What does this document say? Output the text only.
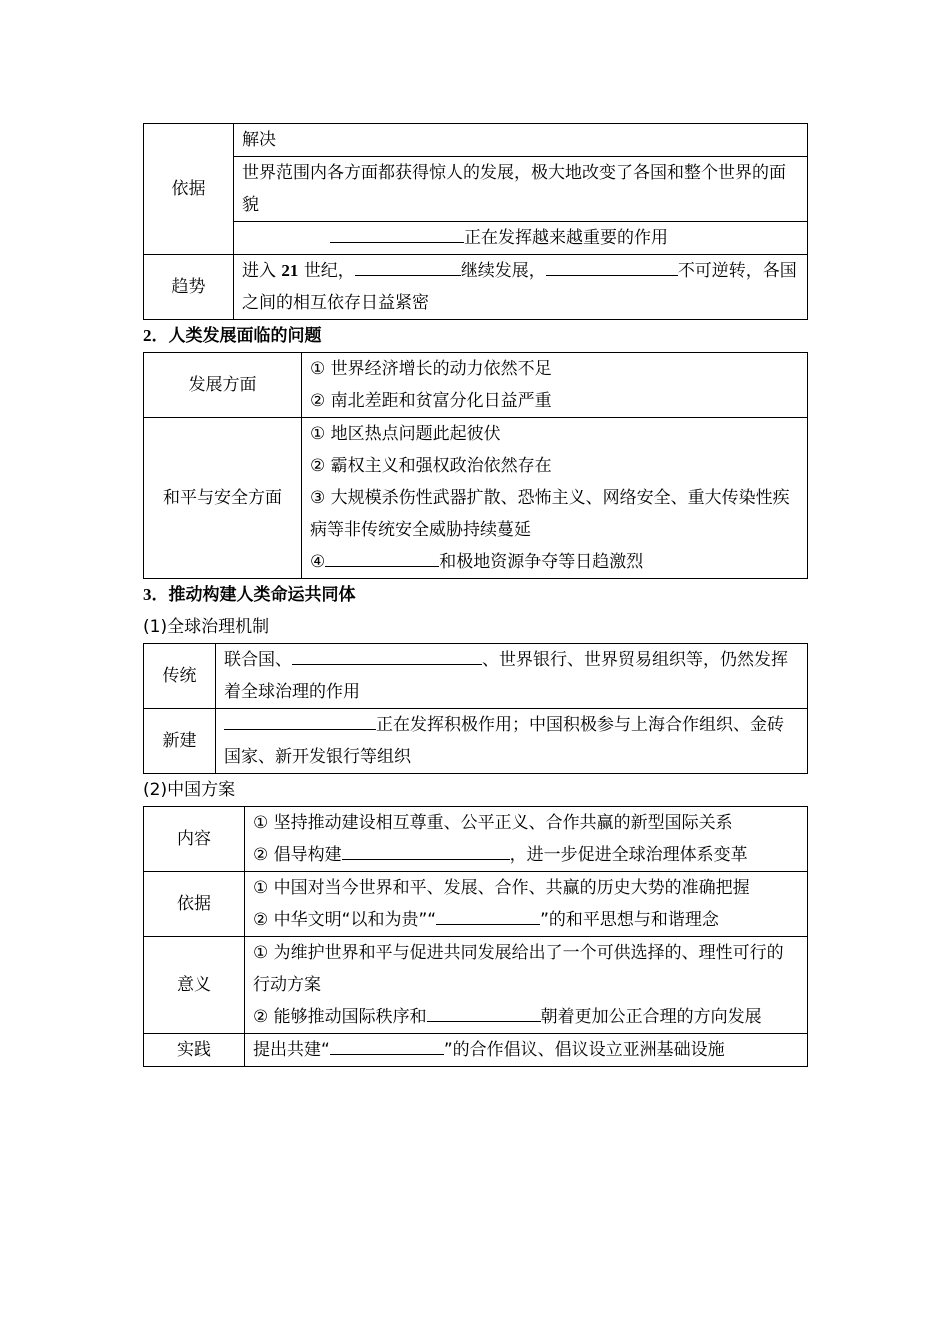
依据	解决
	世界范围内各方面都获得惊人的发展，极大地改变了各国和整个世界的面貌
	正在发挥越来越重要的作用
趋势	进入 21 世纪， 继续发展， 不可逆转，各国之间的相互依存日益紧密
2．人类发展面临的问题
发展方面	① 世界经济增长的动力依然不足
② 南北差距和贫富分化日益严重

和平与安全方面	① 地区热点问题此起彼伏
② 霸权主义和强权政治依然存在
③ 大规模杀伤性武器扩散、恐怖主义、网络安全、重大传染性疾病等非传统安全威胁持续蔓延
④ 和极地资源争夺等日趋激烈
3．推动构建人类命运共同体
(1)全球治理机制
传统	联合国、 、世界银行、世界贸易组织等，仍然发挥着全球治理的作用
新建	正在发挥积极作用；中国积极参与上海合作组织、金砖国家、新开发银行等组织
(2)中国方案
内容	① 坚持推动建设相互尊重、公平正义、合作共赢的新型国际关系
② 倡导构建 ，进一步促进全球治理体系变革

依据	① 中国对当今世界和平、发展、合作、共赢的历史大势的准确把握
② 中华文明“以和为贵”“ ”的和平思想与和谐理念

意义	① 为维护世界和平与促进共同发展给出了一个可供选择的、理性可行的行动方案
② 能够推动国际秩序和 朝着更加公正合理的方向发展

实践	提出共建“ ”的合作倡议、倡议设立亚洲基础设施
